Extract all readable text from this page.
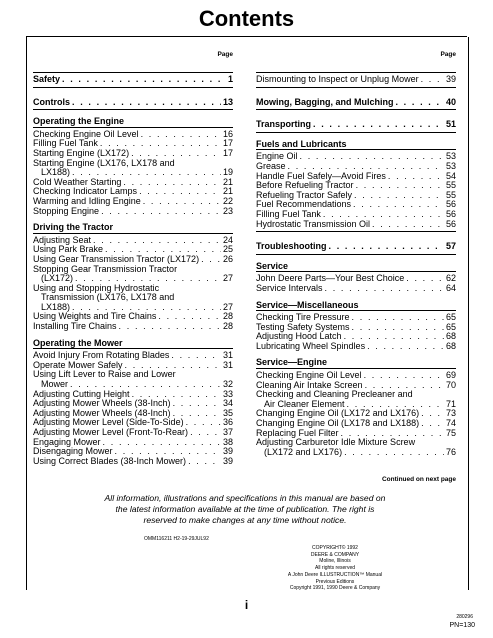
Contents
Page
Safety . . .	1
Controls . . .	13
Operating the Engine
Checking Engine Oil Level . . .	16
Filling Fuel Tank . . .	17
Starting Engine (LX172) . . .	17
Starting Engine (LX176, LX178 and
LX188) . . .	19
Cold Weather Starting . . .	21
Checking Indicator Lamps . . .	21
Warming and Idling Engine . . .	22
Stopping Engine . . .	23
Driving the Tractor
Adjusting Seat . . .	24
Using Park Brake . . .	25
Using Gear Transmission Tractor (LX172) . . .	26
Stopping Gear Transmission Tractor
(LX172) . . .	27
Using and Stopping Hydrostatic
Transmission (LX176, LX178 and
LX188) . . .	27
Using Weights and Tire Chains . . .	28
Installing Tire Chains . . .	28
Operating the Mower
Avoid Injury From Rotating Blades . . .	31
Operate Mower Safely . . .	31
Using Lift Lever to Raise and Lower
Mower . . .	32
Adjusting Cutting Height . . .	33
Adjusting Mower Wheels (38-Inch) . . .	34
Adjusting Mower Wheels (48-Inch) . . .	35
Adjusting Mower Level (Side-To-Side) . . .	36
Adjusting Mower Level (Front-To-Rear) . . .	37
Engaging Mower . . .	38
Disengaging Mower . . .	39
Using Correct Blades (38-Inch Mower) . . .	39
Page
Dismounting to Inspect or Unplug Mower . . .	39
Mowing, Bagging, and Mulching . . .	40
Transporting . . .	51
Fuels and Lubricants
Engine Oil . . .	53
Grease . . .	53
Handle Fuel Safely—Avoid Fires . . .	54
Before Refueling Tractor . . .	55
Refueling Tractor Safely . . .	55
Fuel Recommendations . . .	56
Filling Fuel Tank . . .	56
Hydrostatic Transmission Oil . . .	56
Troubleshooting . . .	57
Service
John Deere Parts—Your Best Choice . . .	62
Service Intervals . . .	64
Service—Miscellaneous
Checking Tire Pressure . . .	65
Testing Safety Systems . . .	65
Adjusting Hood Latch . . .	68
Lubricating Wheel Spindles . . .	68
Service—Engine
Checking Engine Oil Level . . .	69
Cleaning Air Intake Screen . . .	70
Checking and Cleaning Precleaner and
Air Cleaner Element . . .	71
Changing Engine Oil (LX172 and LX176) . . .	73
Changing Engine Oil (LX178 and LX188) . . .	74
Replacing Fuel Filter . . .	75
Adjusting Carburetor Idle Mixture Screw
(LX172 and LX176) . . .	76
Continued on next page
All information, illustrations and specifications in this manual are based on
the latest information available at the time of publication. The right is
reserved to make changes at any time without notice.
OMM116211 H2-19-29JUL92
COPYRIGHT© 1992
DEERE & COMPANY
Moline, Illinois
All rights reserved
A John Deere ILLUSTRUCTION™ Manual
Previous Editions
Copyright 1991, 1990 Deere & Company
i
280296
PN=130
